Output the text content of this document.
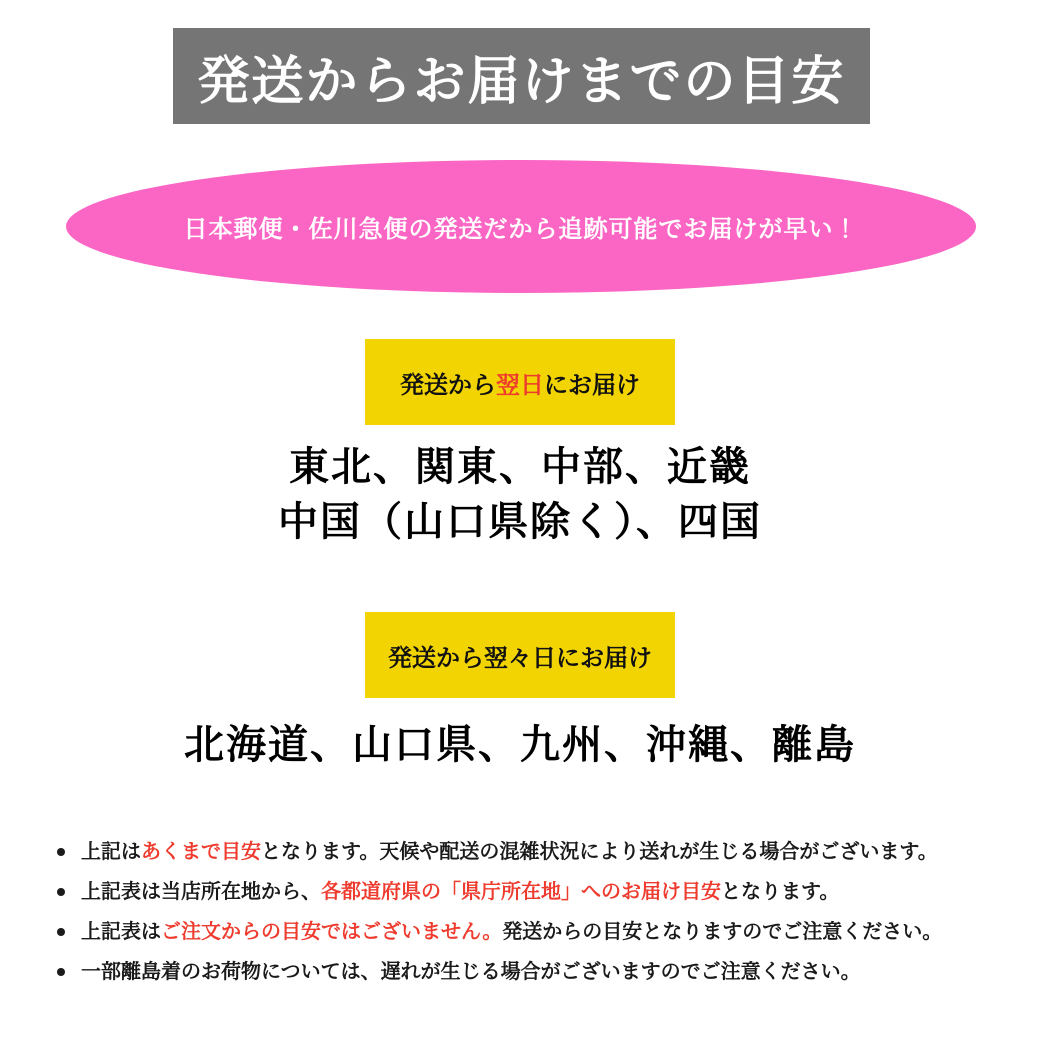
発送からお届けまでの目安
日本郵便・佐川急便の発送だから追跡可能でお届けが早い！
発送から 翌日 にお届け
東北、関東、中部、近畿
中国（山口県除く）、四国
発送から翌々日にお届け
北海道、山口県、九州、沖縄、離島
上記はあくまで目安となります。天候や配送の混雑状況により送れが生じる場合がございます。
上記表は当店所在地から、各都道府県の「県庁所在地」へのお届け目安となります。
上記表はご注文からの目安ではございません。発送からの目安となりますのでご注意ください。
一部離島着のお荷物については、遅れが生じる場合がございますのでご注意ください。
